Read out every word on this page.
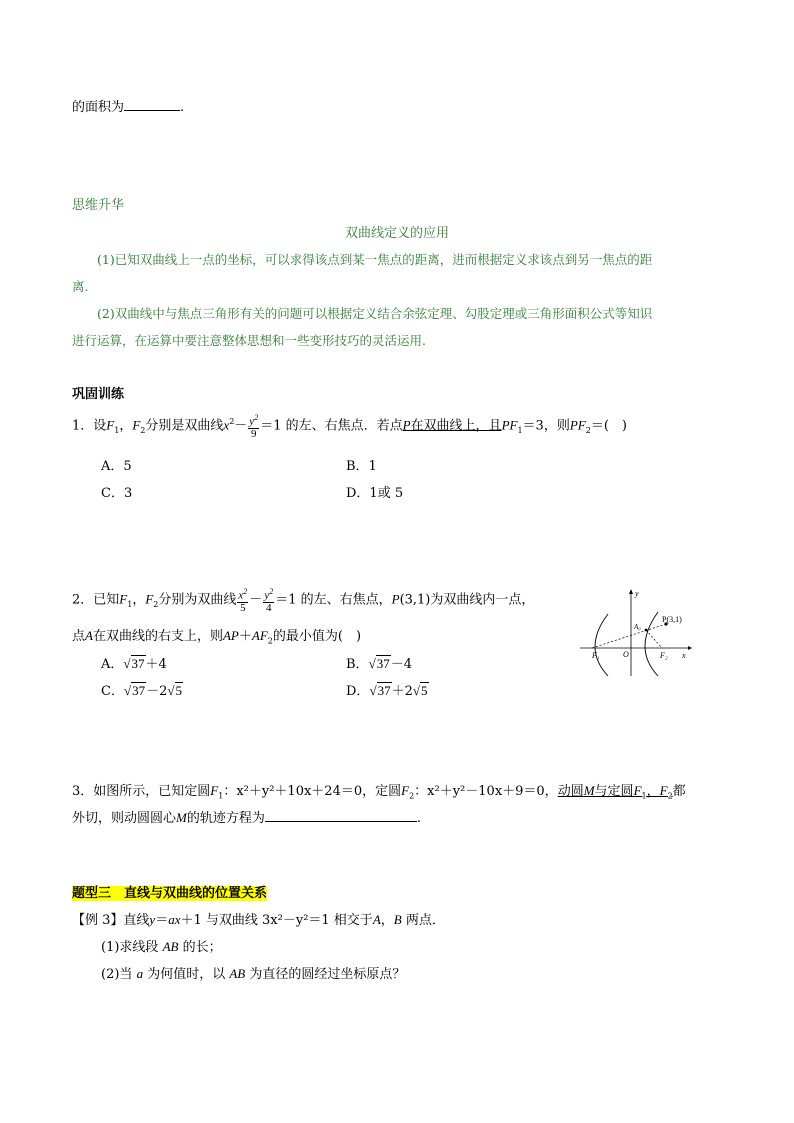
的面积为	.
思维升华
双曲线定义的应用
(1)已知双曲线上一点的坐标，可以求得该点到某一焦点的距离，进而根据定义求该点到另一焦点的距
离.
(2)双曲线中与焦点三角形有关的问题可以根据定义结合余弦定理、勾股定理或三角形面积公式等知识
进行运算，在运算中要注意整体思想和一些变形技巧的灵活运用.
巩固训练
1．设$F_1$，$F_2$分别是双曲线$x^2- \frac{y^2}{9} =1$ 的左、右焦点．若点P在双曲线上，且$PF_1=3$，则$PF_2=$(　)
A．5	B．1
C．3	D．1或 5
2．已知$F_1$，$F_2$分别为双曲线 $\frac{x^2}{5} - \frac{y^2}{4} =1$ 的左、右焦点，P(3,1)为双曲线内一点，
点A在双曲线的右支上，则$AP+AF_2$的最小值为(　)
A．√37＋4	B．√37－4
C．√37－2√5	D．√37＋2√5
y
x
F₁	F₂
O
A₀
P(3,1)
3．如图所示，已知定圆$F_1$：x²＋y²＋10x＋24＝0，定圆$F_2$：x²＋y²－10x＋9＝0，动圆M与定圆$F_1$，$F_2$都
外切，则动圆圆心M的轨迹方程为	.
题型三　直线与双曲线的位置关系
【例 3】直线y＝ax＋1 与双曲线 3x²－y²＝1 相交于A，B 两点．
(1)求线段 AB 的长；
(2)当 a 为何值时，以 AB 为直径的圆经过坐标原点？
